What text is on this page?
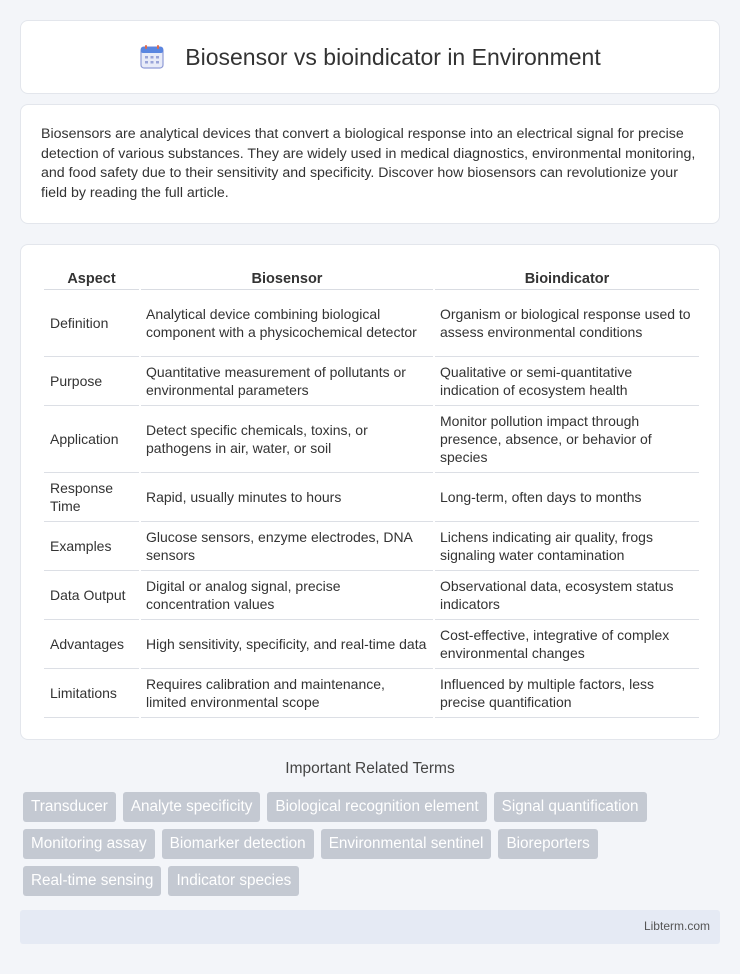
Biosensor vs bioindicator in Environment

Biosensors are analytical devices that convert a biological response into an electrical signal for precise detection of various substances. They are widely used in medical diagnostics, environmental monitoring, and food safety due to their sensitivity and specificity. Discover how biosensors can revolutionize your field by reading the full article.

Aspect	Biosensor	Bioindicator
Definition	Analytical device combining biological component with a physicochemical detector	Organism or biological response used to assess environmental conditions
Purpose	Quantitative measurement of pollutants or environmental parameters	Qualitative or semi-quantitative indication of ecosystem health
Application	Detect specific chemicals, toxins, or pathogens in air, water, or soil	Monitor pollution impact through presence, absence, or behavior of species
Response Time	Rapid, usually minutes to hours	Long-term, often days to months
Examples	Glucose sensors, enzyme electrodes, DNA sensors	Lichens indicating air quality, frogs signaling water contamination
Data Output	Digital or analog signal, precise concentration values	Observational data, ecosystem status indicators
Advantages	High sensitivity, specificity, and real-time data	Cost-effective, integrative of complex environmental changes
Limitations	Requires calibration and maintenance, limited environmental scope	Influenced by multiple factors, less precise quantification
Important Related Terms
Transducer	Analyte specificity	Biological recognition element	Signal quantification
Monitoring assay	Biomarker detection	Environmental sentinel	Bioreporters
Real-time sensing	Indicator species
Libterm.com
